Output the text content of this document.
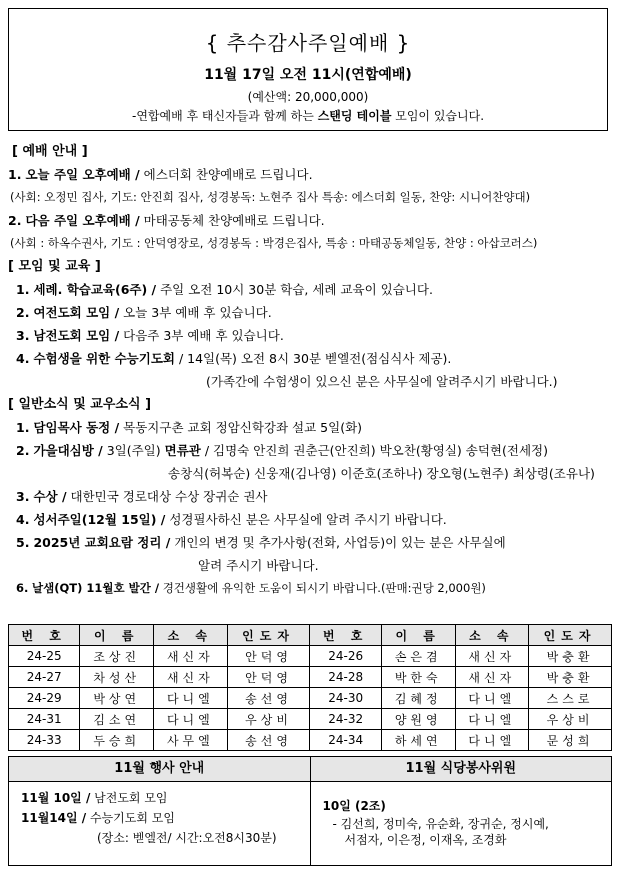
{ 추수감사주일예배 }
11월 17일 오전 11시(연합예배)
(예산액: 20,000,000)
-연합예배 후 태신자들과 함께 하는 스탠딩 테이블 모임이 있습니다.
[ 예배 안내 ]
1. 오늘 주일 오후예배 / 에스더회 찬양예배로 드립니다.
(사회: 오정민 집사, 기도: 안진희 집사, 성경봉독: 노현주 집사 특송: 에스더회 일동, 찬양: 시니어찬양대)
2. 다음 주일 오후예배 / 마태공동체 찬양예배로 드립니다.
(사회 : 하옥수권사, 기도 : 안덕영장로, 성경봉독 : 박경은집사, 특송 : 마태공동체일동, 찬양 : 아삽코러스)
[ 모임 및 교육 ]
1. 세례. 학습교육(6주) / 주일 오전 10시 30분 학습, 세례 교육이 있습니다.
2. 여전도회 모임 / 오늘 3부 예배 후 있습니다.
3. 남전도회 모임 / 다음주 3부 예배 후 있습니다.
4. 수험생을 위한 수능기도회 / 14일(목) 오전 8시 30분 벧엘전(점심식사 제공).
(가족간에 수험생이 있으신 분은 사무실에 알려주시기 바랍니다.)
[ 일반소식 및 교우소식 ]
1. 담임목사 동정 / 목동지구촌 교회 정암신학강좌 설교 5일(화)
2. 가을대심방 / 3일(주일) 면류관 / 김명숙 안진희 권춘근(안진희) 박오찬(황영실) 송덕현(전세정)
송창식(허복순) 신웅재(김나영) 이준호(조하나) 장오형(노현주) 최상령(조유나)
3. 수상 / 대한민국 경로대상 수상 장귀순 권사
4. 성서주일(12월 15일) / 성경필사하신 분은 사무실에 알려 주시기 바랍니다.
5. 2025년 교회요람 정리 / 개인의 변경 및 추가사항(전화, 사업등)이 있는 분은 사무실에
알려 주시기 바랍니다.
6. 날샘(QT) 11월호 발간 / 경건생활에 유익한 도움이 되시기 바랍니다.(판매:권당 2,000원)
번 호	이 름	소 속	인도자	번 호	이 름	소 속	인도자
24-25	조상진	새신자	안덕영	24-26	손은겸	새신자	박충환
24-27	차성산	새신자	안덕영	24-28	박한숙	새신자	박충환
24-29	박상연	다니엘	송선영	24-30	김혜정	다니엘	스스로
24-31	김소연	다니엘	우상비	24-32	양원영	다니엘	우상비
24-33	두승희	사무엘	송선영	24-34	하세연	다니엘	문성희
11월 행사 안내
11월 10일 / 남전도회 모임
11월14일 / 수능기도회 모임
(장소: 벧엘전/ 시간:오전8시30분)
11월 식당봉사위원
10일 (2조)
- 김선희, 정미숙, 유순화, 장귀순, 정시예,
서점자, 이은정, 이재옥, 조경화
